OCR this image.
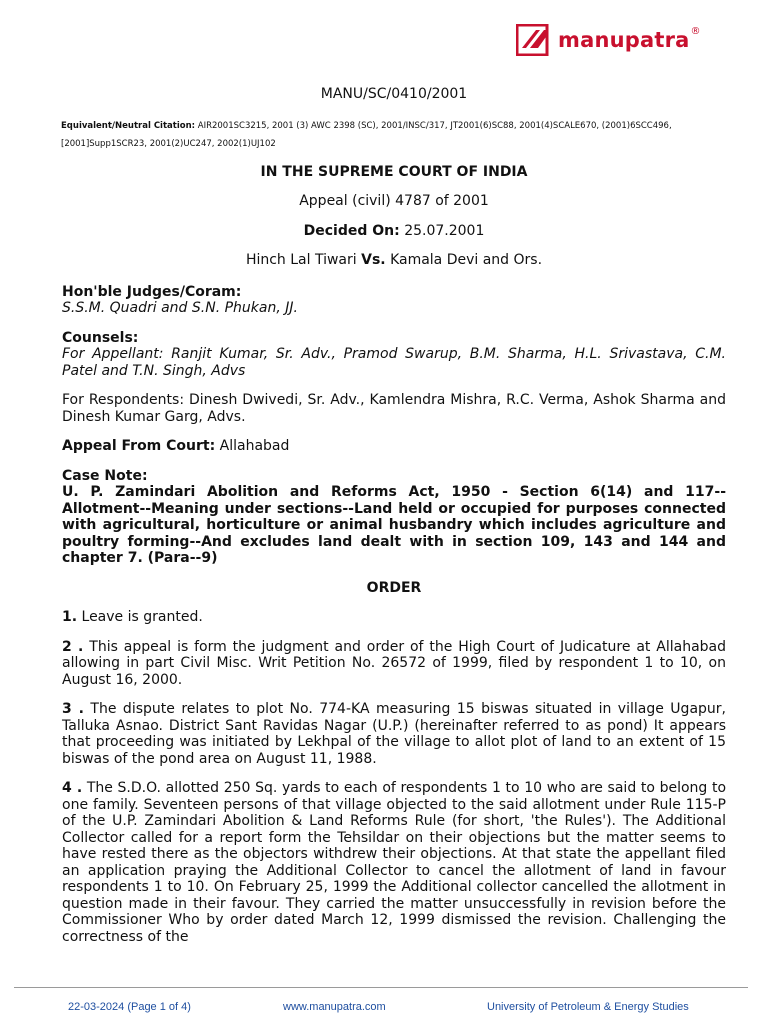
manupatra ®
MANU/SC/0410/2001
Equivalent/Neutral Citation: AIR2001SC3215, 2001 (3) AWC 2398 (SC), 2001/INSC/317, JT2001(6)SC88, 2001(4)SCALE670, (2001)6SCC496, [2001]Supp1SCR23, 2001(2)UC247, 2002(1)UJ102
IN THE SUPREME COURT OF INDIA
Appeal (civil) 4787 of 2001
Decided On: 25.07.2001
Hinch Lal Tiwari Vs. Kamala Devi and Ors.
Hon'ble Judges/Coram:
S.S.M. Quadri and S.N. Phukan, JJ.
Counsels:
For Appellant: Ranjit Kumar, Sr. Adv., Pramod Swarup, B.M. Sharma, H.L. Srivastava, C.M. Patel and T.N. Singh, Advs
For Respondents: Dinesh Dwivedi, Sr. Adv., Kamlendra Mishra, R.C. Verma, Ashok Sharma and Dinesh Kumar Garg, Advs.
Appeal From Court: Allahabad
Case Note:
U. P. Zamindari Abolition and Reforms Act, 1950 - Section 6(14) and 117--Allotment--Meaning under sections--Land held or occupied for purposes connected with agricultural, horticulture or animal husbandry which includes agriculture and poultry forming--And excludes land dealt with in section 109, 143 and 144 and chapter 7. (Para--9)
ORDER
1. Leave is granted.
2 . This appeal is form the judgment and order of the High Court of Judicature at Allahabad allowing in part Civil Misc. Writ Petition No. 26572 of 1999, filed by respondent 1 to 10, on August 16, 2000.
3 . The dispute relates to plot No. 774-KA measuring 15 biswas situated in village Ugapur, Talluka Asnao. District Sant Ravidas Nagar (U.P.) (hereinafter referred to as pond) It appears that proceeding was initiated by Lekhpal of the village to allot plot of land to an extent of 15 biswas of the pond area on August 11, 1988.
4 . The S.D.O. allotted 250 Sq. yards to each of respondents 1 to 10 who are said to belong to one family. Seventeen persons of that village objected to the said allotment under Rule 115-P of the U.P. Zamindari Abolition & Land Reforms Rule (for short, 'the Rules'). The Additional Collector called for a report form the Tehsildar on their objections but the matter seems to have rested there as the objectors withdrew their objections. At that state the appellant filed an application praying the Additional Collector to cancel the allotment of land in favour respondents 1 to 10. On February 25, 1999 the Additional collector cancelled the allotment in question made in their favour. They carried the matter unsuccessfully in revision before the Commissioner Who by order dated March 12, 1999 dismissed the revision. Challenging the correctness of the
22-03-2024 (Page 1 of 4)	www.manupatra.com	University of Petroleum & Energy Studies
